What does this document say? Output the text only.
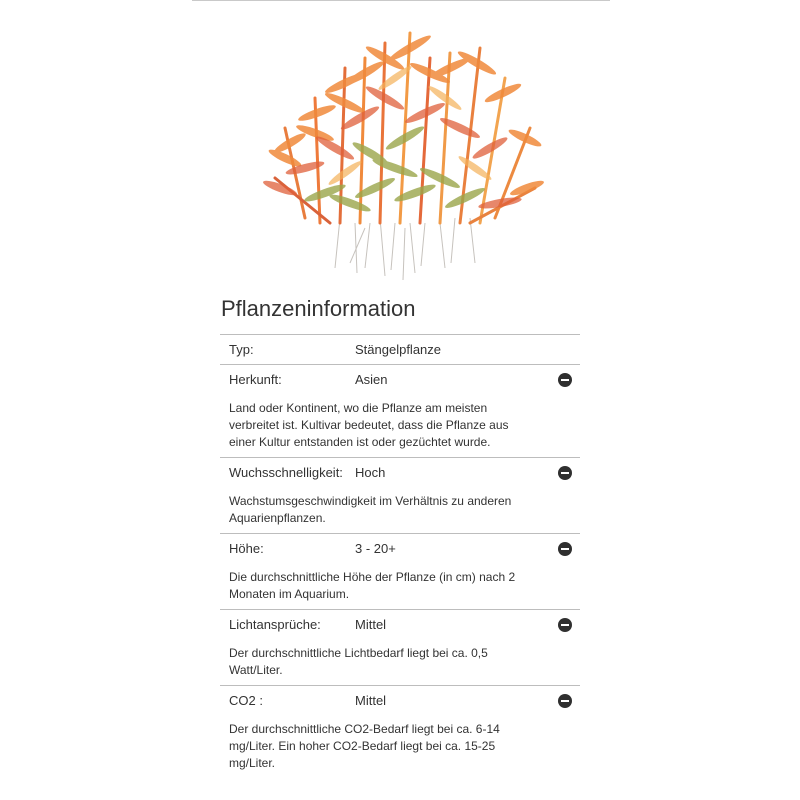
Pflanzeninformation
Typ:	Stängelpflanze
Herkunft:	Asien
Land oder Kontinent, wo die Pflanze am meisten verbreitet ist. Kultivar bedeutet, dass die Pflanze aus einer Kultur entstanden ist oder gezüchtet wurde.
Wuchsschnelligkeit: Hoch
Wachstumsgeschwindigkeit im Verhältnis zu anderen Aquarienpflanzen.
Höhe:	3 - 20+
Die durchschnittliche Höhe der Pflanze (in cm) nach 2 Monaten im Aquarium.
Lichtansprüche:	Mittel
Der durchschnittliche Lichtbedarf liegt bei ca. 0,5 Watt/Liter.
CO2 :	Mittel
Der durchschnittliche CO2-Bedarf liegt bei ca. 6-14 mg/Liter. Ein hoher CO2-Bedarf liegt bei ca. 15-25 mg/Liter.
